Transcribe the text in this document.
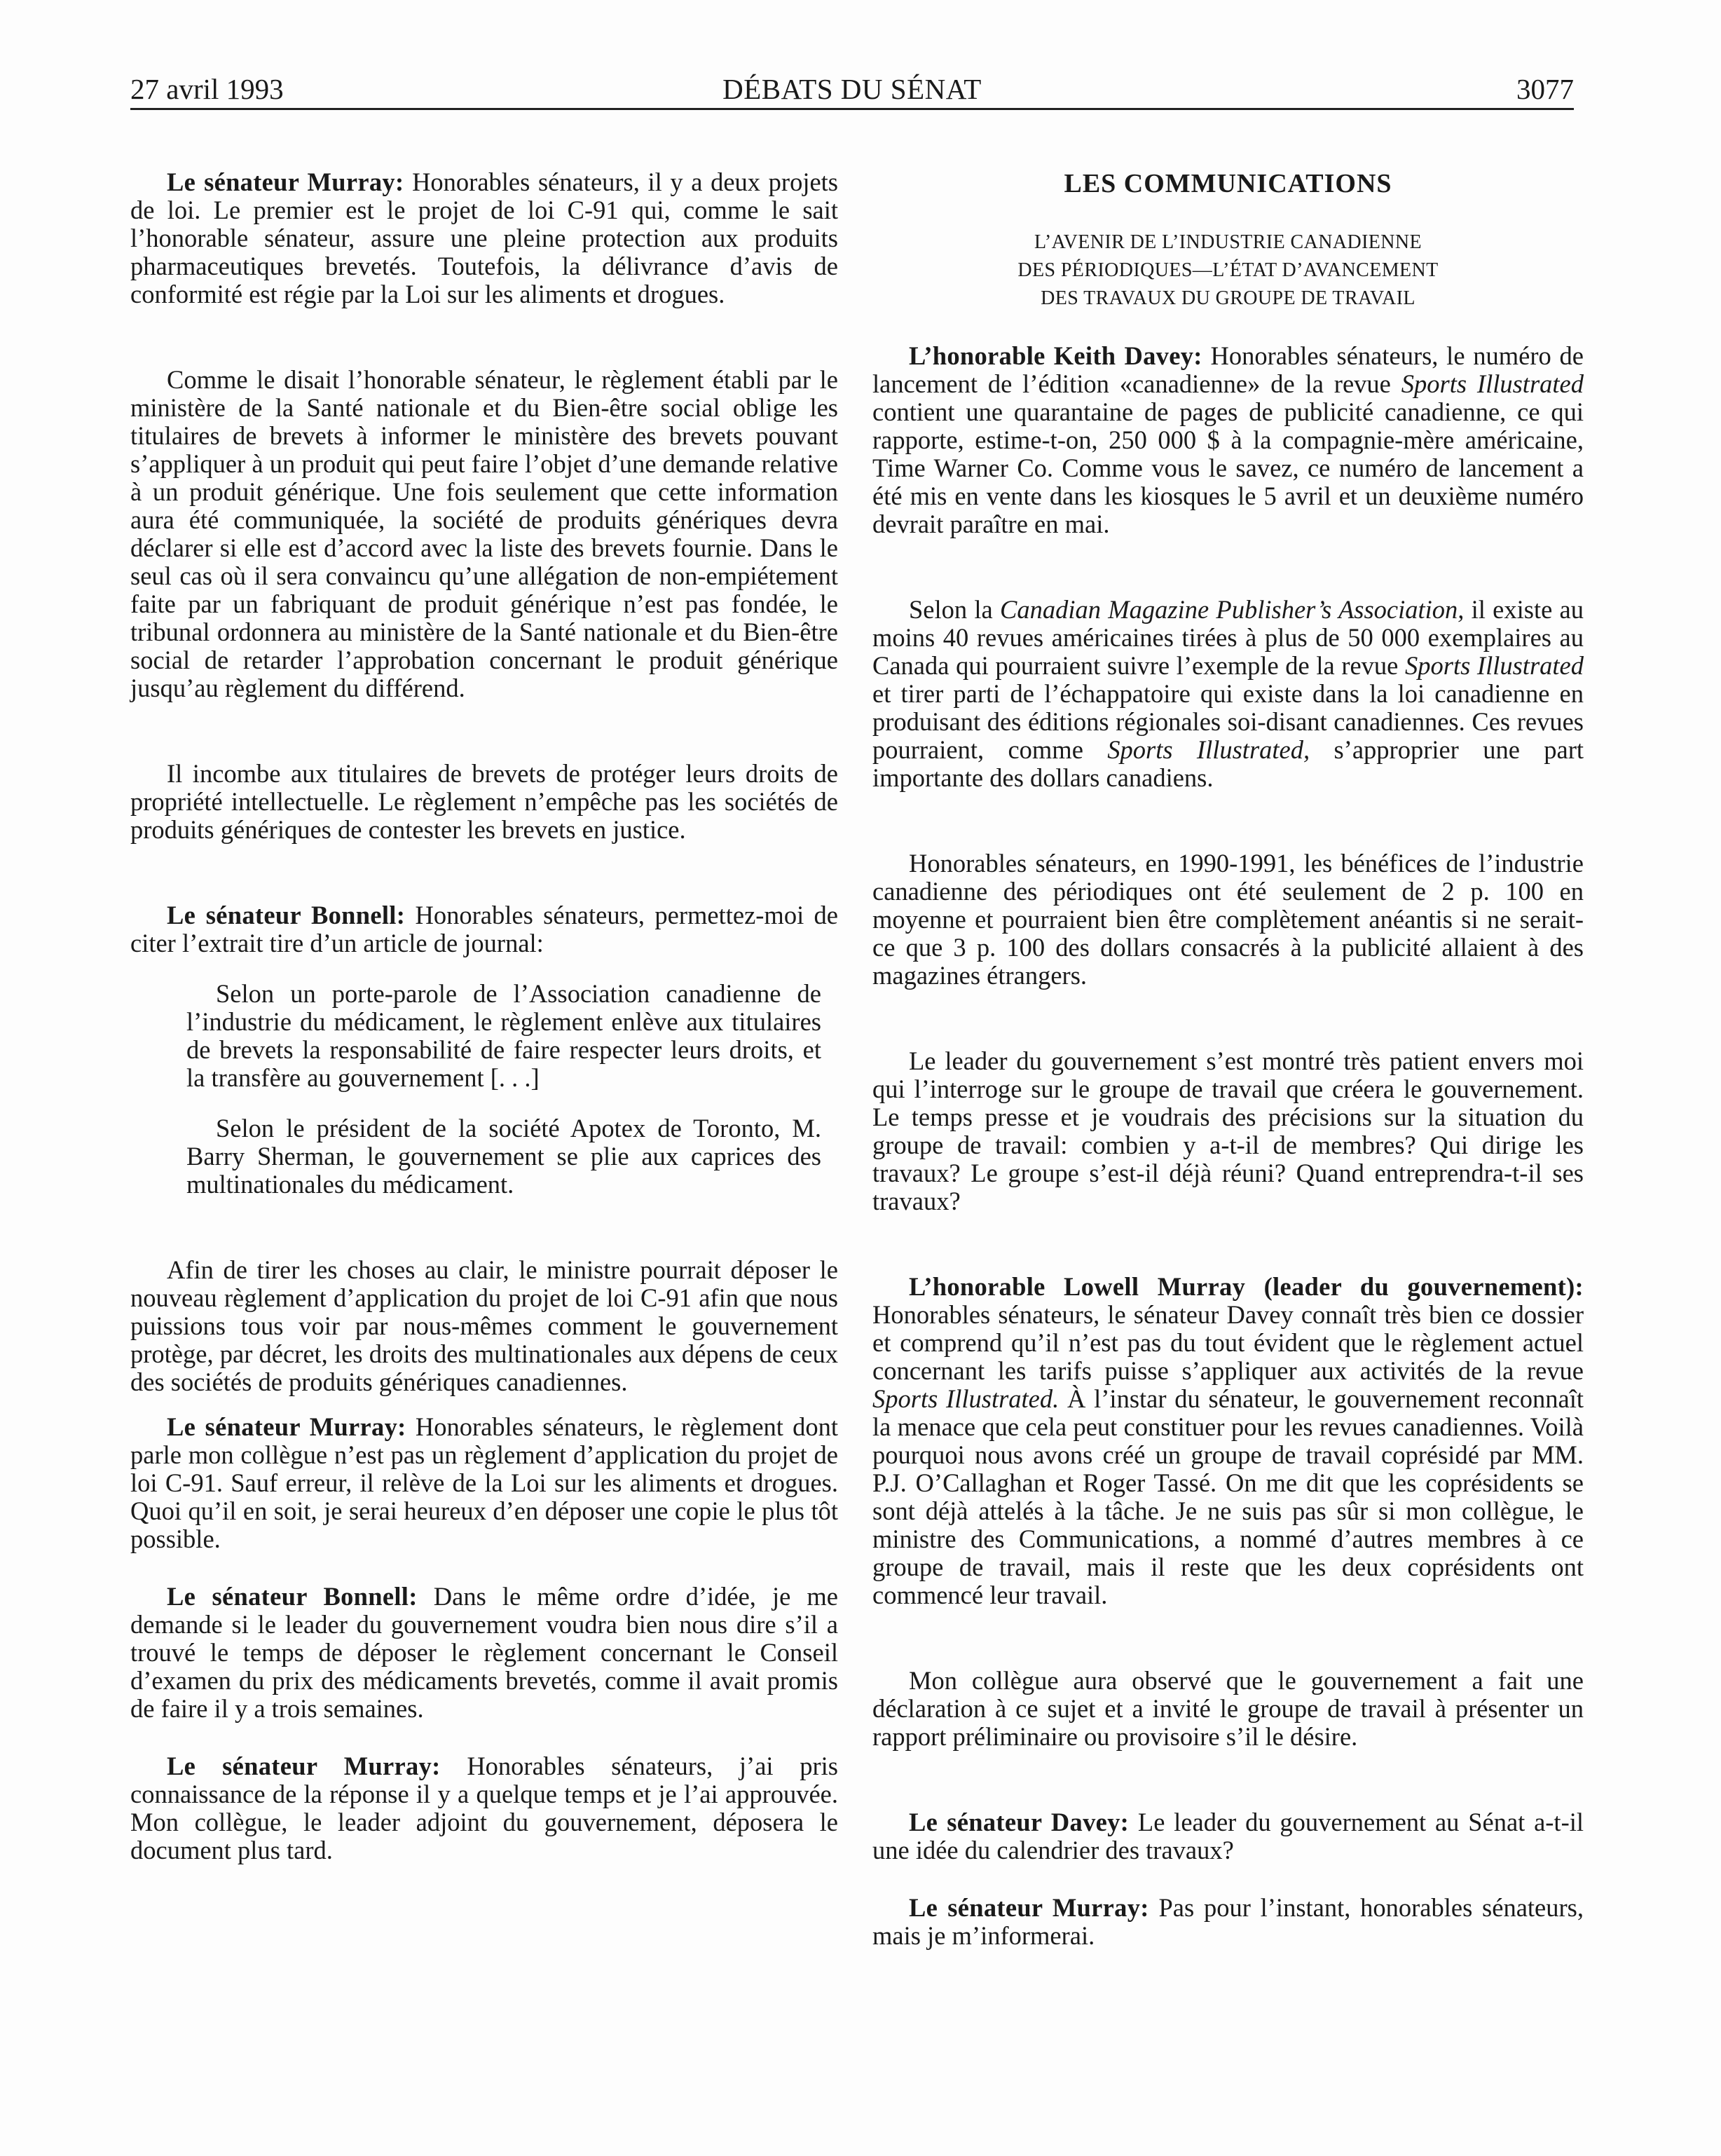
27 avril 1993	DÉBATS DU SÉNAT	3077

Le sénateur Murray: Honorables sénateurs, il y a deux projets de loi. Le premier est le projet de loi C-91 qui, comme le sait l’honorable sénateur, assure une pleine protection aux produits pharmaceutiques brevetés. Toutefois, la délivrance d’avis de conformité est régie par la Loi sur les aliments et drogues.

Comme le disait l’honorable sénateur, le règlement établi par le ministère de la Santé nationale et du Bien-être social oblige les titulaires de brevets à informer le ministère des brevets pouvant s’appliquer à un produit qui peut faire l’objet d’une demande relative à un produit générique. Une fois seulement que cette information aura été communiquée, la société de produits génériques devra déclarer si elle est d’accord avec la liste des brevets fournie. Dans le seul cas où il sera convaincu qu’une allégation de non-empiétement faite par un fabriquant de produit générique n’est pas fondée, le tribunal ordonnera au ministère de la Santé nationale et du Bien-être social de retarder l’approbation concernant le produit générique jusqu’au règlement du différend.

Il incombe aux titulaires de brevets de protéger leurs droits de propriété intellectuelle. Le règlement n’empêche pas les sociétés de produits génériques de contester les brevets en justice.

Le sénateur Bonnell: Honorables sénateurs, permettez-moi de citer l’extrait tire d’un article de journal:

Selon un porte-parole de l’Association canadienne de l’industrie du médicament, le règlement enlève aux titulaires de brevets la responsabilité de faire respecter leurs droits, et la transfère au gouvernement [. . .]

Selon le président de la société Apotex de Toronto, M. Barry Sherman, le gouvernement se plie aux caprices des multinationales du médicament.

Afin de tirer les choses au clair, le ministre pourrait déposer le nouveau règlement d’application du projet de loi C-91 afin que nous puissions tous voir par nous-mêmes comment le gouvernement protège, par décret, les droits des multinationales aux dépens de ceux des sociétés de produits génériques canadiennes.

Le sénateur Murray: Honorables sénateurs, le règlement dont parle mon collègue n’est pas un règlement d’application du projet de loi C-91. Sauf erreur, il relève de la Loi sur les aliments et drogues. Quoi qu’il en soit, je serai heureux d’en déposer une copie le plus tôt possible.

Le sénateur Bonnell: Dans le même ordre d’idée, je me demande si le leader du gouvernement voudra bien nous dire s’il a trouvé le temps de déposer le règlement concernant le Conseil d’examen du prix des médicaments brevetés, comme il avait promis de faire il y a trois semaines.

Le sénateur Murray: Honorables sénateurs, j’ai pris connaissance de la réponse il y a quelque temps et je l’ai approuvée. Mon collègue, le leader adjoint du gouvernement, déposera le document plus tard.

LES COMMUNICATIONS

L’AVENIR DE L’INDUSTRIE CANADIENNE

DES PÉRIODIQUES—L’ÉTAT D’AVANCEMENT

DES TRAVAUX DU GROUPE DE TRAVAIL

L’honorable Keith Davey: Honorables sénateurs, le numéro de lancement de l’édition «canadienne» de la revue Sports Illustrated contient une quarantaine de pages de publicité canadienne, ce qui rapporte, estime-t-on, 250 000 $ à la compagnie-mère américaine, Time Warner Co. Comme vous le savez, ce numéro de lancement a été mis en vente dans les kiosques le 5 avril et un deuxième numéro devrait paraître en mai.

Selon la Canadian Magazine Publisher’s Association, il existe au moins 40 revues américaines tirées à plus de 50 000 exemplaires au Canada qui pourraient suivre l’exemple de la revue Sports Illustrated et tirer parti de l’échappatoire qui existe dans la loi canadienne en produisant des éditions régionales soi-disant canadiennes. Ces revues pourraient, comme Sports Illustrated, s’approprier une part importante des dollars canadiens.

Honorables sénateurs, en 1990-1991, les bénéfices de l’industrie canadienne des périodiques ont été seulement de 2 p. 100 en moyenne et pourraient bien être complètement anéantis si ne serait-ce que 3 p. 100 des dollars consacrés à la publicité allaient à des magazines étrangers.

Le leader du gouvernement s’est montré très patient envers moi qui l’interroge sur le groupe de travail que créera le gouvernement. Le temps presse et je voudrais des précisions sur la situation du groupe de travail: combien y a-t-il de membres? Qui dirige les travaux? Le groupe s’est-il déjà réuni? Quand entreprendra-t-il ses travaux?

L’honorable Lowell Murray (leader du gouvernement): Honorables sénateurs, le sénateur Davey connaît très bien ce dossier et comprend qu’il n’est pas du tout évident que le règlement actuel concernant les tarifs puisse s’appliquer aux activités de la revue Sports Illustrated. À l’instar du sénateur, le gouvernement reconnaît la menace que cela peut constituer pour les revues canadiennes. Voilà pourquoi nous avons créé un groupe de travail coprésidé par MM. P.J. O’Callaghan et Roger Tassé. On me dit que les coprésidents se sont déjà attelés à la tâche. Je ne suis pas sûr si mon collègue, le ministre des Communications, a nommé d’autres membres à ce groupe de travail, mais il reste que les deux coprésidents ont commencé leur travail.

Mon collègue aura observé que le gouvernement a fait une déclaration à ce sujet et a invité le groupe de travail à présenter un rapport préliminaire ou provisoire s’il le désire.

Le sénateur Davey: Le leader du gouvernement au Sénat a-t-il une idée du calendrier des travaux?

Le sénateur Murray: Pas pour l’instant, honorables sénateurs, mais je m’informerai.
